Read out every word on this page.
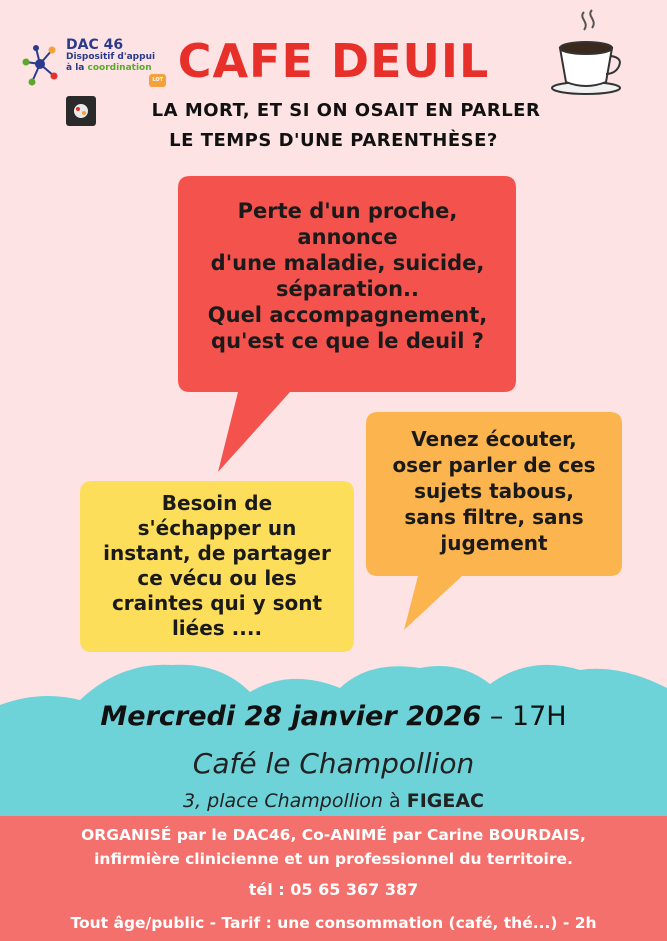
DAC 46
Dispositif d'appui
à la coordination
LOT CAFE DEUIL
LA MORT, ET SI ON OSAIT EN PARLER
LE TEMPS D'UNE PARENTHÈSE?
Perte d'un proche,
annonce
d'une maladie, suicide,
séparation..
Quel accompagnement,
qu'est ce que le deuil ?
Besoin de
s'échapper un
instant, de partager
ce vécu ou les
craintes qui y sont
liées ....
Venez écouter,
oser parler de ces
sujets tabous,
sans filtre, sans
jugement
Mercredi 28 janvier 2026 – 17H
Café le Champollion
3, place Champollion à FIGEAC
ORGANISÉ par le DAC46, Co-ANIMÉ par Carine BOURDAIS,
infirmière clinicienne et un professionnel du territoire.
tél : 05 65 367 387
Tout âge/public - Tarif : une consommation (café, thé...) - 2h
